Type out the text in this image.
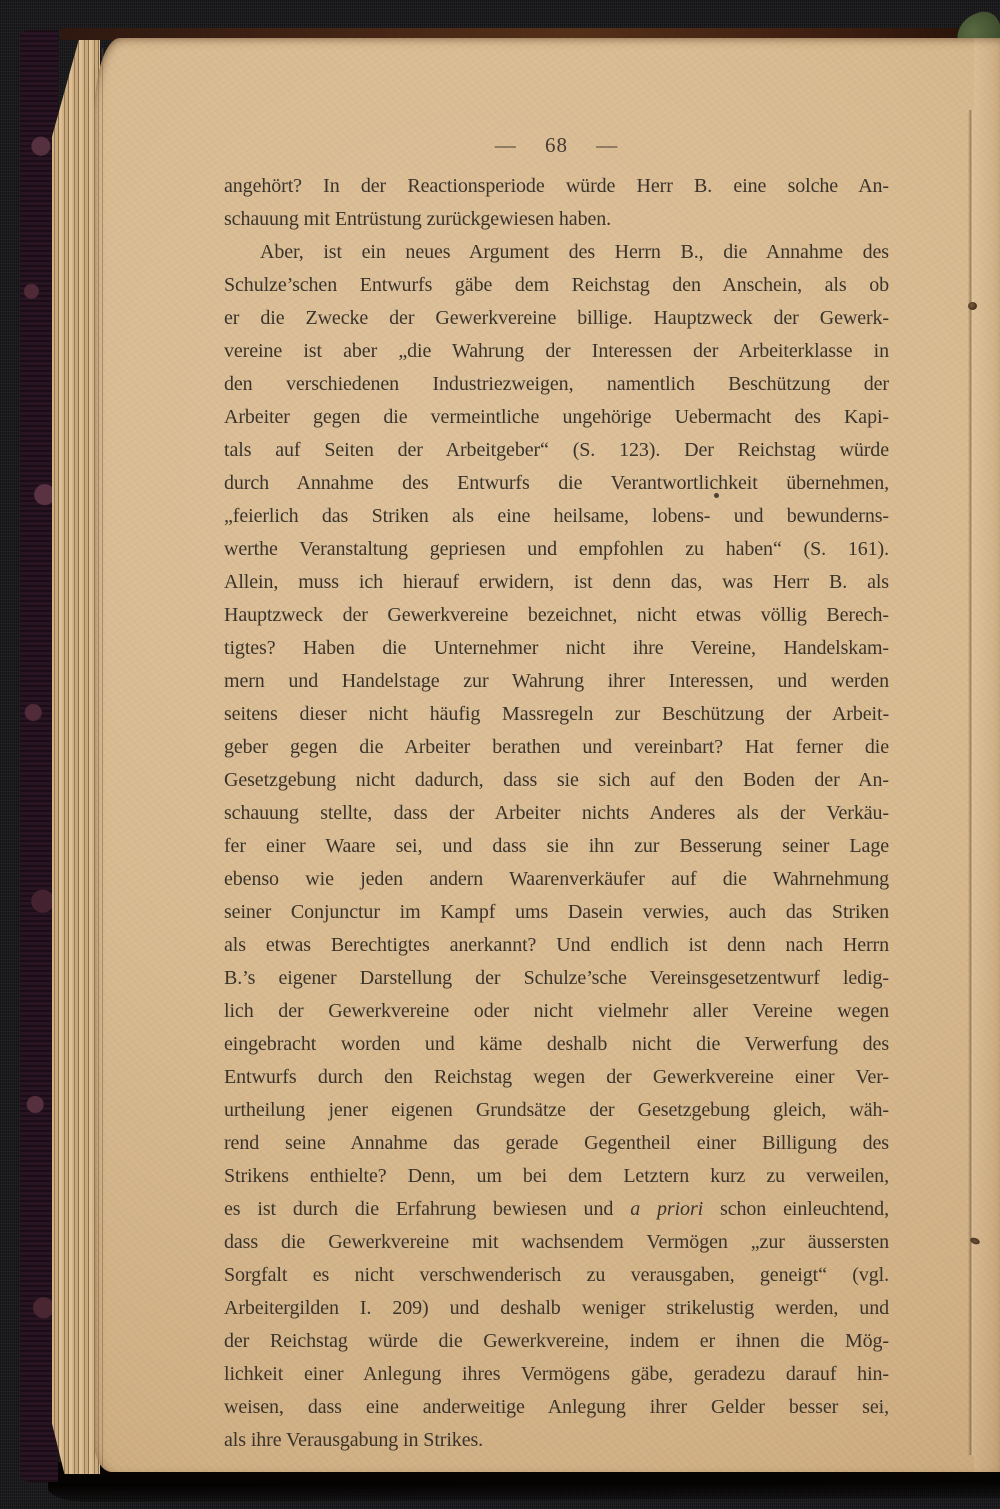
— 68 —
angehört? In der Reactionsperiode würde Herr B. eine solche An-
schauung mit Entrüstung zurückgewiesen haben.
Aber, ist ein neues Argument des Herrn B., die Annahme des
Schulze’schen Entwurfs gäbe dem Reichstag den Anschein, als ob
er die Zwecke der Gewerkvereine billige. Hauptzweck der Gewerk-
vereine ist aber „die Wahrung der Interessen der Arbeiterklasse in
den verschiedenen Industriezweigen, namentlich Beschützung der
Arbeiter gegen die vermeintliche ungehörige Uebermacht des Kapi-
tals auf Seiten der Arbeitgeber“ (S. 123). Der Reichstag würde
durch Annahme des Entwurfs die Verantwortlichkeit übernehmen,
„feierlich das Striken als eine heilsame, lobens- und bewunderns-
werthe Veranstaltung gepriesen und empfohlen zu haben“ (S. 161).
Allein, muss ich hierauf erwidern, ist denn das, was Herr B. als
Hauptzweck der Gewerkvereine bezeichnet, nicht etwas völlig Berech-
tigtes? Haben die Unternehmer nicht ihre Vereine, Handelskam-
mern und Handelstage zur Wahrung ihrer Interessen, und werden
seitens dieser nicht häufig Massregeln zur Beschützung der Arbeit-
geber gegen die Arbeiter berathen und vereinbart? Hat ferner die
Gesetzgebung nicht dadurch, dass sie sich auf den Boden der An-
schauung stellte, dass der Arbeiter nichts Anderes als der Verkäu-
fer einer Waare sei, und dass sie ihn zur Besserung seiner Lage
ebenso wie jeden andern Waarenverkäufer auf die Wahrnehmung
seiner Conjunctur im Kampf ums Dasein verwies, auch das Striken
als etwas Berechtigtes anerkannt? Und endlich ist denn nach Herrn
B.’s eigener Darstellung der Schulze’sche Vereinsgesetzentwurf ledig-
lich der Gewerkvereine oder nicht vielmehr aller Vereine wegen
eingebracht worden und käme deshalb nicht die Verwerfung des
Entwurfs durch den Reichstag wegen der Gewerkvereine einer Ver-
urtheilung jener eigenen Grundsätze der Gesetzgebung gleich, wäh-
rend seine Annahme das gerade Gegentheil einer Billigung des
Strikens enthielte? Denn, um bei dem Letztern kurz zu verweilen,
es ist durch die Erfahrung bewiesen und a priori schon einleuchtend,
dass die Gewerkvereine mit wachsendem Vermögen „zur äussersten
Sorgfalt es nicht verschwenderisch zu verausgaben, geneigt“ (vgl.
Arbeitergilden I. 209) und deshalb weniger strikelustig werden, und
der Reichstag würde die Gewerkvereine, indem er ihnen die Mög-
lichkeit einer Anlegung ihres Vermögens gäbe, geradezu darauf hin-
weisen, dass eine anderweitige Anlegung ihrer Gelder besser sei,
als ihre Verausgabung in Strikes.
